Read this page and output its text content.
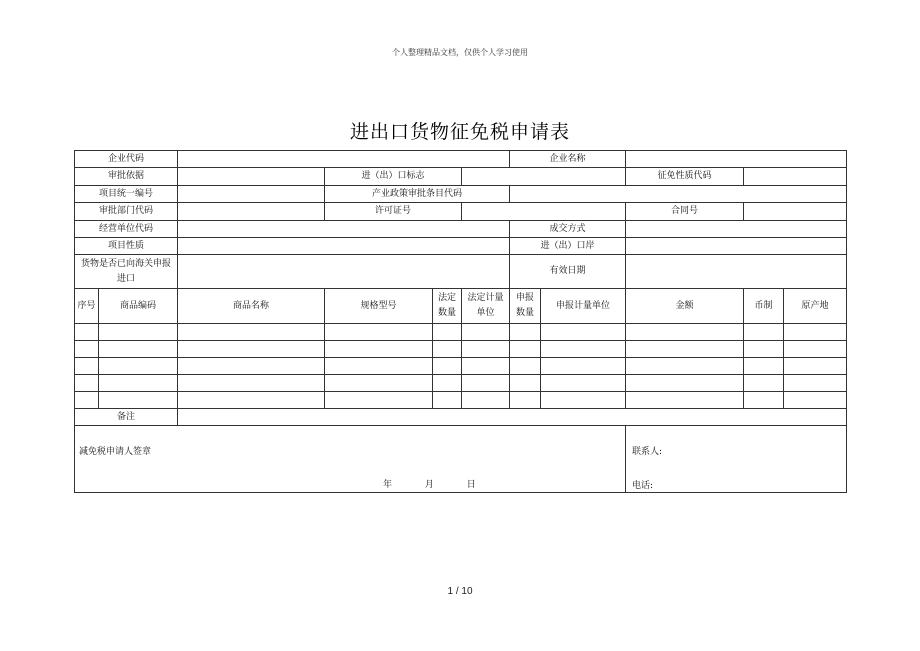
个人整理精品文档，仅供个人学习使用
进出口货物征免税申请表
企业代码						企业名称				
审批依据			进（出）口标志					征免性质代码		
项目统一编号			产业政策审批条目代码							
审批部门代码			许可证号					合同号		
经营单位代码						成交方式				
项目性质						进（出）口岸				
货物是否已向海关申报进口						有效日期				
序号	商品编码	商品名称	规格型号	法定数量	法定计量单位	申报数量	申报计量单位	金额	币制	原产地

备注										

减免税申请人签章
年 月 日								联系人:
电话:		
1 / 10
